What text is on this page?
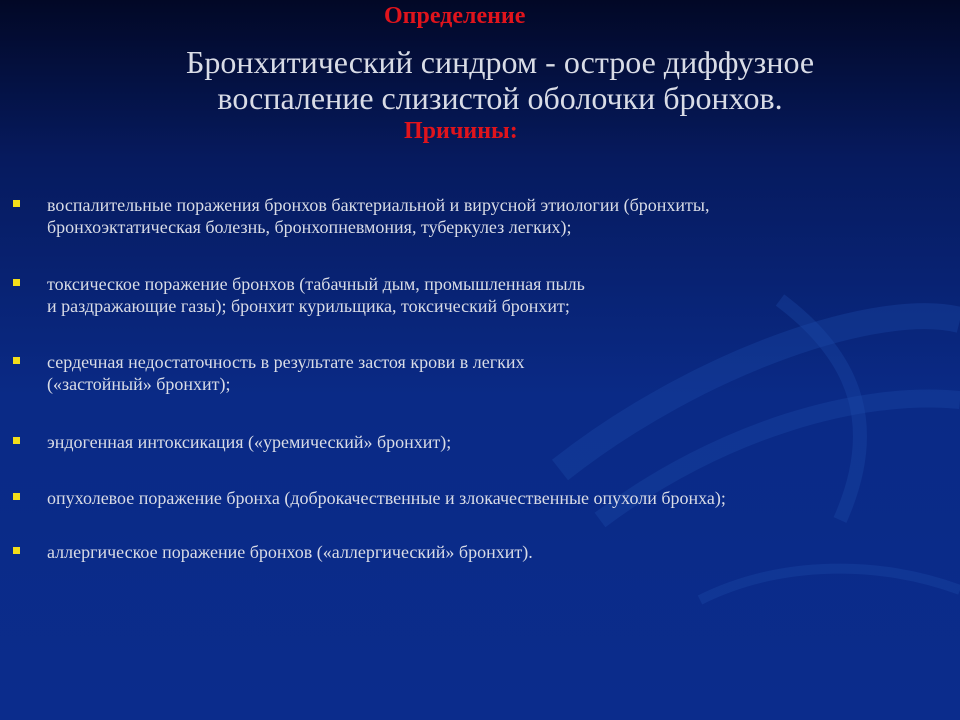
Определение
Бронхитический синдром - острое диффузное
воспаление слизистой оболочки бронхов.
Причины:
воспалительные поражения бронхов бактериальной и вирусной этиологии (бронхиты,
бронхоэктатическая болезнь, бронхопневмония, туберкулез легких);
токсическое поражение бронхов (табачный дым, промышленная пыль
и раздражающие газы); бронхит курильщика, токсический бронхит;
сердечная недостаточность в результате застоя крови в легких
(«застойный» бронхит);
эндогенная интоксикация («уремический» бронхит);
опухолевое поражение бронха (доброкачественные и злокачественные опухоли бронха);
аллергическое поражение бронхов («аллергический» бронхит).
